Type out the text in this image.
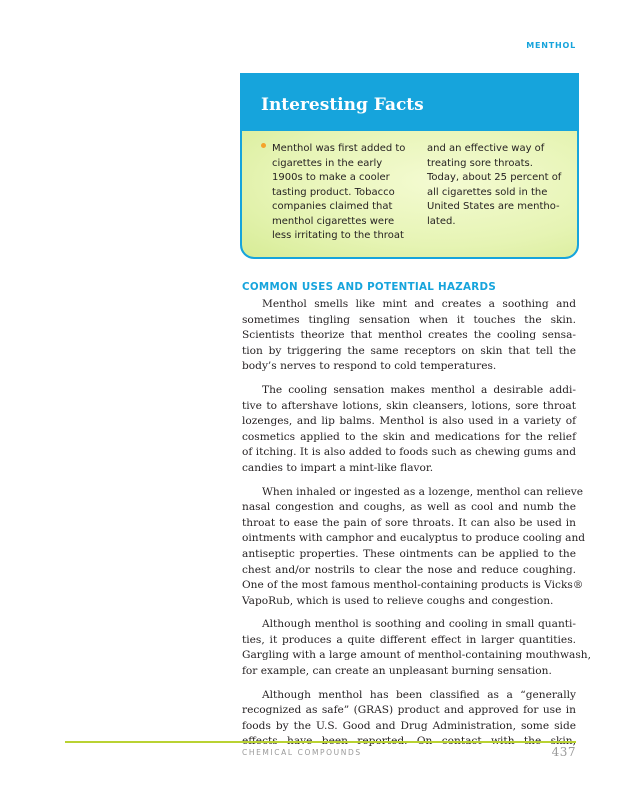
MENTHOL
Interesting Facts

Menthol was first added to

cigarettes in the early

1900s to make a cooler

tasting product. Tobacco

companies claimed that

menthol cigarettes were

less irritating to the throat

and an effective way of

treating sore throats.

Today, about 25 percent of

all cigarettes sold in the

United States are mentho-

lated.

COMMON USES AND POTENTIAL HAZARDS
Menthol smells like mint and creates a soothing and
sometimes tingling sensation when it touches the skin.
Scientists theorize that menthol creates the cooling sensa-
tion by triggering the same receptors on skin that tell the
body’s nerves to respond to cold temperatures.
The cooling sensation makes menthol a desirable addi-
tive to aftershave lotions, skin cleansers, lotions, sore throat
lozenges, and lip balms. Menthol is also used in a variety of
cosmetics applied to the skin and medications for the relief
of itching. It is also added to foods such as chewing gums and
candies to impart a mint-like flavor.
When inhaled or ingested as a lozenge, menthol can relieve
nasal congestion and coughs, as well as cool and numb the
throat to ease the pain of sore throats. It can also be used in
ointments with camphor and eucalyptus to produce cooling and
antiseptic properties. These ointments can be applied to the
chest and/or nostrils to clear the nose and reduce coughing.
One of the most famous menthol-containing products is Vicks®
VapoRub, which is used to relieve coughs and congestion.
Although menthol is soothing and cooling in small quanti-
ties, it produces a quite different effect in larger quantities.
Gargling with a large amount of menthol-containing mouthwash,
for example, can create an unpleasant burning sensation.
Although menthol has been classified as a “generally
recognized as safe” (GRAS) product and approved for use in
foods by the U.S. Good and Drug Administration, some side
CHEMICAL COMPOUNDS	437
